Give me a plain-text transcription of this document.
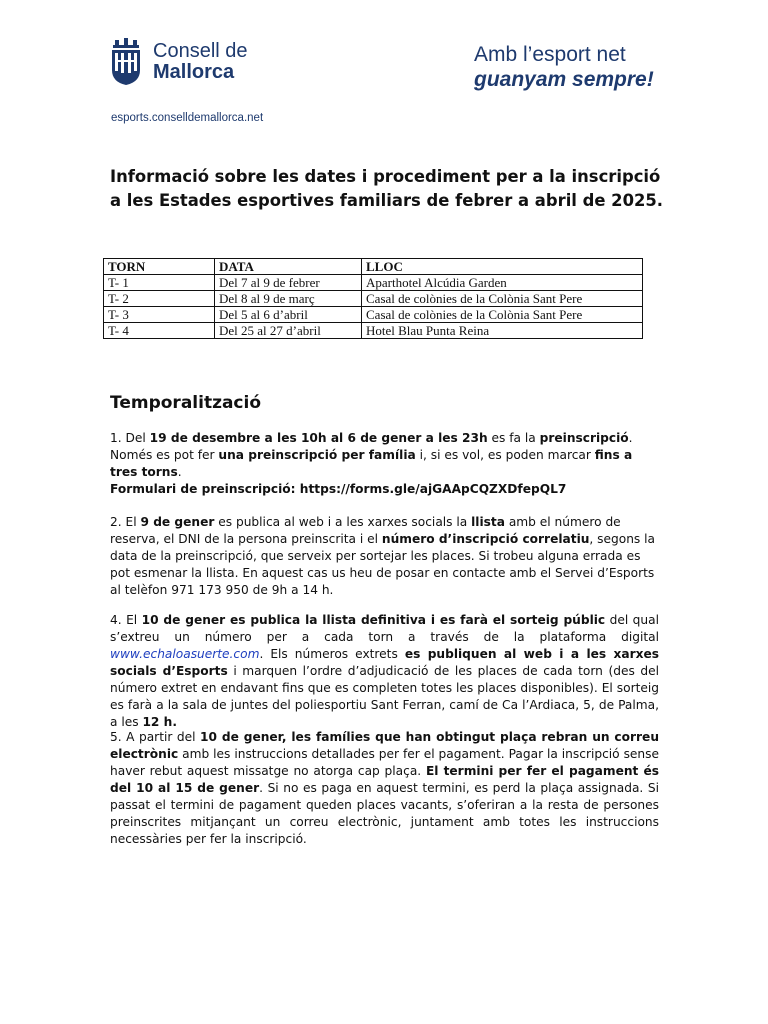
Consell de
Mallorca
esports.conselldemallorca.net
Amb l’esport net
guanyam sempre!
Informació sobre les dates i procediment per a la inscripció a les Estades esportives familiars de febrer a abril de 2025.
TORN	DATA	LLOC
T- 1	Del 7 al 9 de febrer	Aparthotel Alcúdia Garden
T- 2	Del 8 al 9 de març	Casal de colònies de la Colònia Sant Pere
T- 3	Del 5 al 6 d’abril	Casal de colònies de la Colònia Sant Pere
T- 4	Del 25 al 27 d’abril	Hotel Blau Punta Reina
Temporalització
1. Del 19 de desembre a les 10h al 6 de gener a les 23h es fa la preinscripció. Només es pot fer una preinscripció per família i, si es vol, es poden marcar fins a tres torns.
Formulari de preinscripció: https://forms.gle/ajGAApCQZXDfepQL7
2. El 9 de gener es publica al web i a les xarxes socials la llista amb el número de reserva, el DNI de la persona preinscrita i el número d’inscripció correlatiu, segons la data de la preinscripció, que serveix per sortejar les places. Si trobeu alguna errada es pot esmenar la llista. En aquest cas us heu de posar en contacte amb el Servei d’Esports al telèfon 971 173 950 de 9h a 14 h.
4. El 10 de gener es publica la llista definitiva i es farà el sorteig públic del qual s’extreu un número per a cada torn a través de la plataforma digital www.echaloasuerte.com. Els números extrets es publiquen al web i a les xarxes socials d’Esports i marquen l’ordre d’adjudicació de les places de cada torn (des del número extret en endavant fins que es completen totes les places disponibles). El sorteig es farà a la sala de juntes del poliesportiu Sant Ferran, camí de Ca l’Ardiaca, 5, de Palma, a les 12 h.
5. A partir del 10 de gener, les famílies que han obtingut plaça rebran un correu electrònic amb les instruccions detallades per fer el pagament. Pagar la inscripció sense haver rebut aquest missatge no atorga cap plaça. El termini per fer el pagament és del 10 al 15 de gener. Si no es paga en aquest termini, es perd la plaça assignada. Si passat el termini de pagament queden places vacants, s’oferiran a la resta de persones preinscrites mitjançant un correu electrònic, juntament amb totes les instruccions necessàries per fer la inscripció.
